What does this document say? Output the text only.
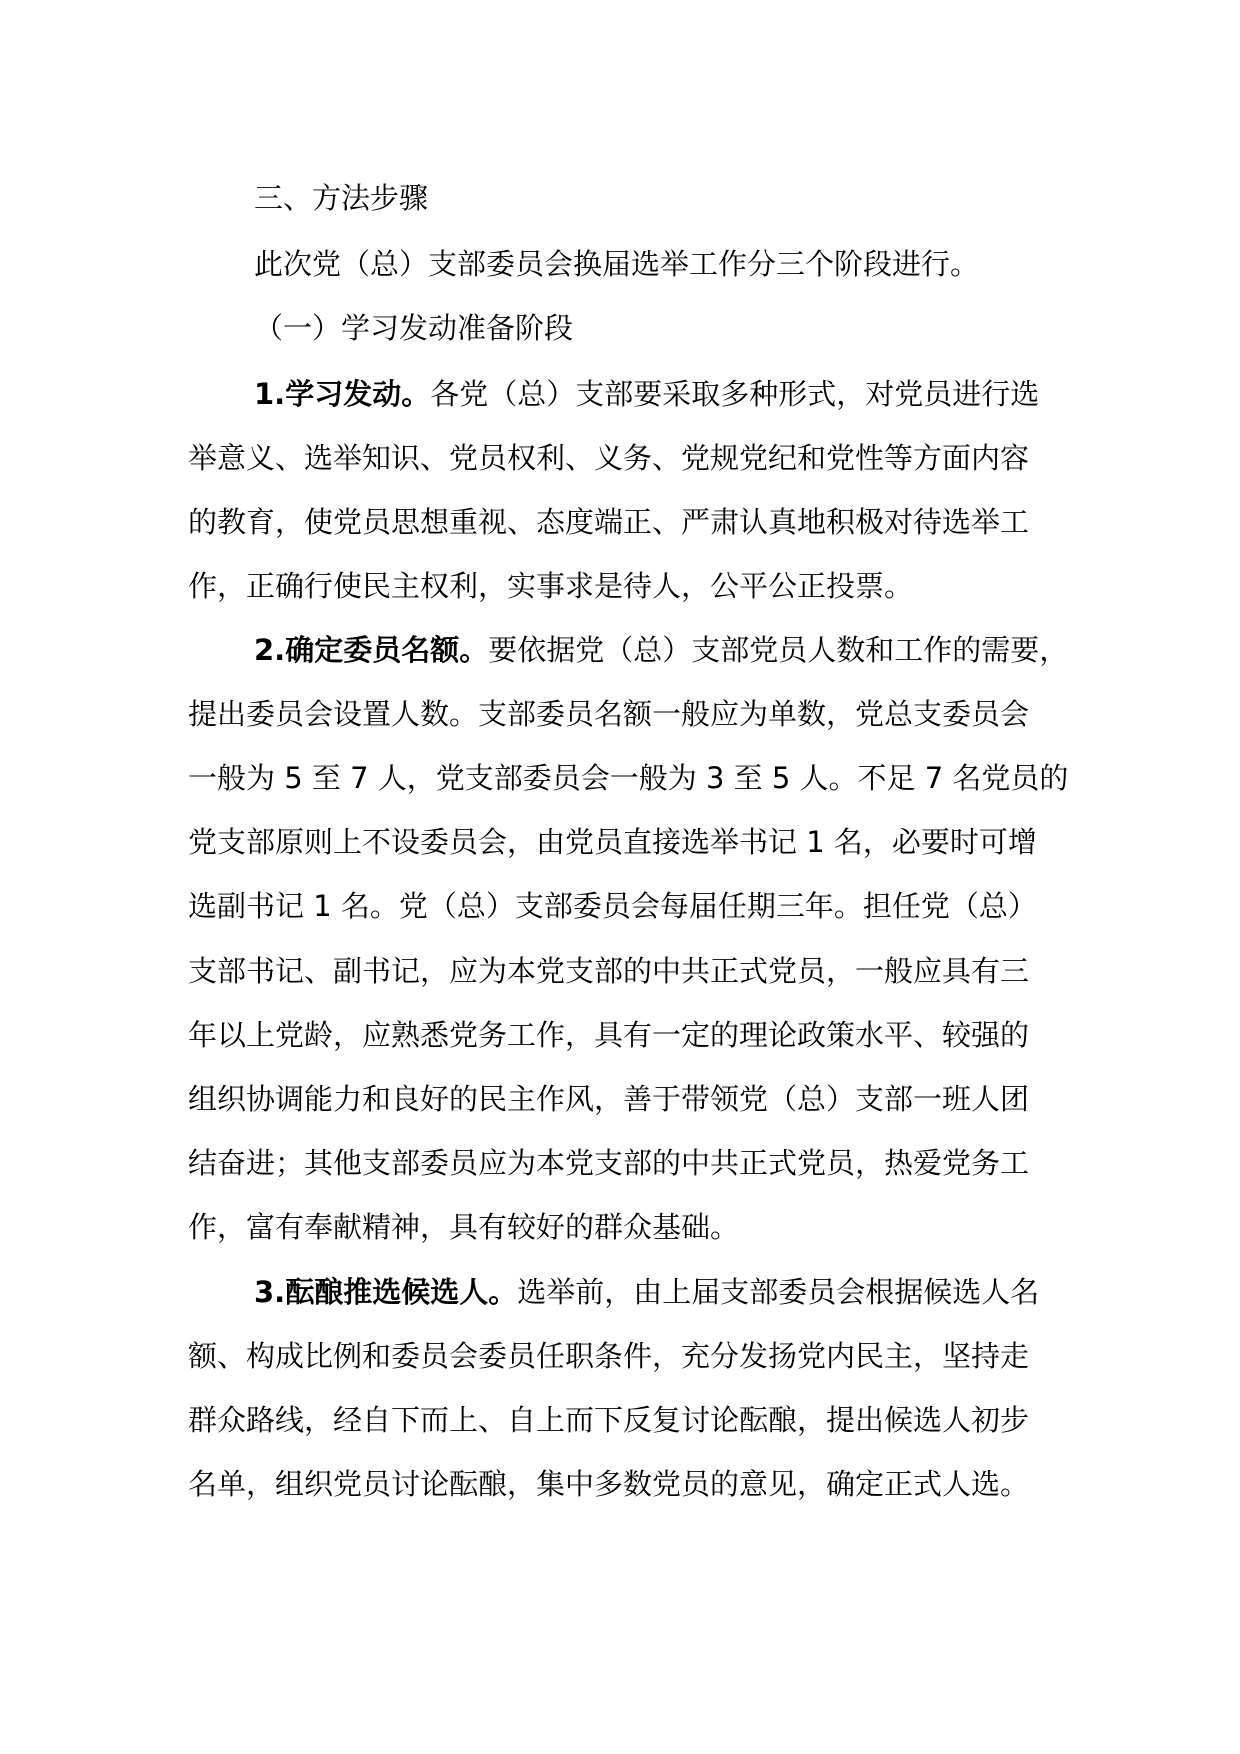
三、方法步骤
此次党（总）支部委员会换届选举工作分三个阶段进行。
（一）学习发动准备阶段
1.学习发动。各党（总）支部要采取多种形式，对党员进行选
举意义、选举知识、党员权利、义务、党规党纪和党性等方面内容
的教育，使党员思想重视、态度端正、严肃认真地积极对待选举工
作，正确行使民主权利，实事求是待人，公平公正投票。
2.确定委员名额。要依据党（总）支部党员人数和工作的需要，
提出委员会设置人数。支部委员名额一般应为单数，党总支委员会
一般为 5 至 7 人，党支部委员会一般为 3 至 5 人。不足 7 名党员的
党支部原则上不设委员会，由党员直接选举书记 1 名，必要时可增
选副书记 1 名。党（总）支部委员会每届任期三年。担任党（总）
支部书记、副书记，应为本党支部的中共正式党员，一般应具有三
年以上党龄，应熟悉党务工作，具有一定的理论政策水平、较强的
组织协调能力和良好的民主作风，善于带领党（总）支部一班人团
结奋进；其他支部委员应为本党支部的中共正式党员，热爱党务工
作，富有奉献精神，具有较好的群众基础。
3.酝酿推选候选人。选举前，由上届支部委员会根据候选人名
额、构成比例和委员会委员任职条件，充分发扬党内民主，坚持走
群众路线，经自下而上、自上而下反复讨论酝酿，提出候选人初步
名单，组织党员讨论酝酿，集中多数党员的意见，确定正式人选。
